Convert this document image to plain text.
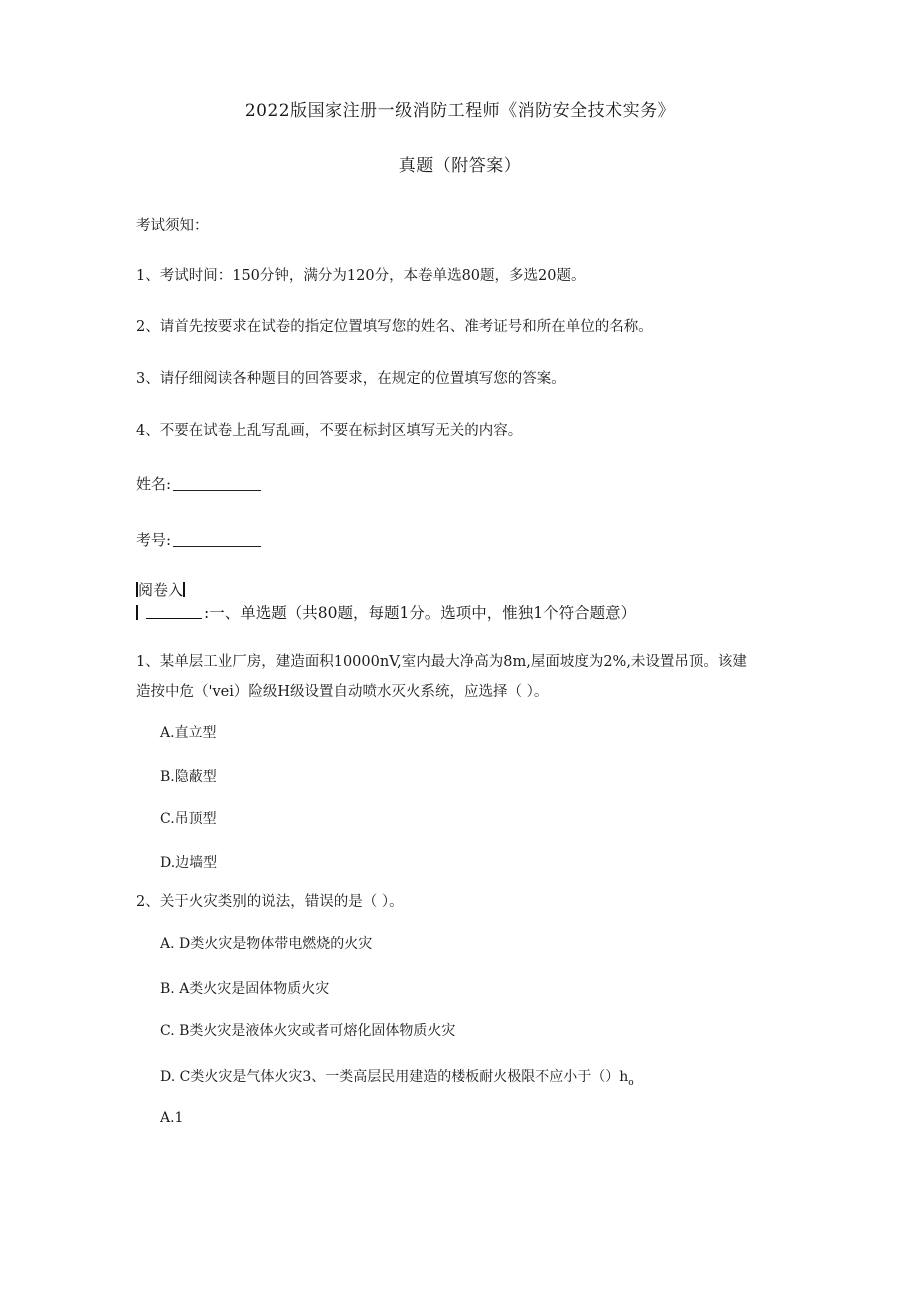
2022版国家注册一级消防工程师《消防安全技术实务》
真题（附答案）
考试须知：
1、考试时间：150分钟，满分为120分，本卷单选80题，多选20题。
2、请首先按要求在试卷的指定位置填写您的姓名、准考证号和所在单位的名称。
3、请仔细阅读各种题目的回答要求，在规定的位置填写您的答案。
4、不要在试卷上乱写乱画，不要在标封区填写无关的内容。
姓名:
考号:
阅卷入
:一、单选题（共80题，每题1分。选项中，惟独1个符合题意）
1、某单层工业厂房，建造面积10000nV,室内最大净高为8m,屋面坡度为2%,未设置吊顶。该建
造按中危（'vei）险级H级设置自动喷水灭火系统，应选择（ ）。
A.直立型
B.隐蔽型
C.吊顶型
D.边墙型
2、关于火灾类别的说法，错误的是（ ）。
A. D类火灾是物体带电燃烧的火灾
B. A类火灾是固体物质火灾
C. B类火灾是液体火灾或者可熔化固体物质火灾
D. C类火灾是气体火灾3、一类高层民用建造的楼板耐火极限不应小于$()h_o$
A.1
